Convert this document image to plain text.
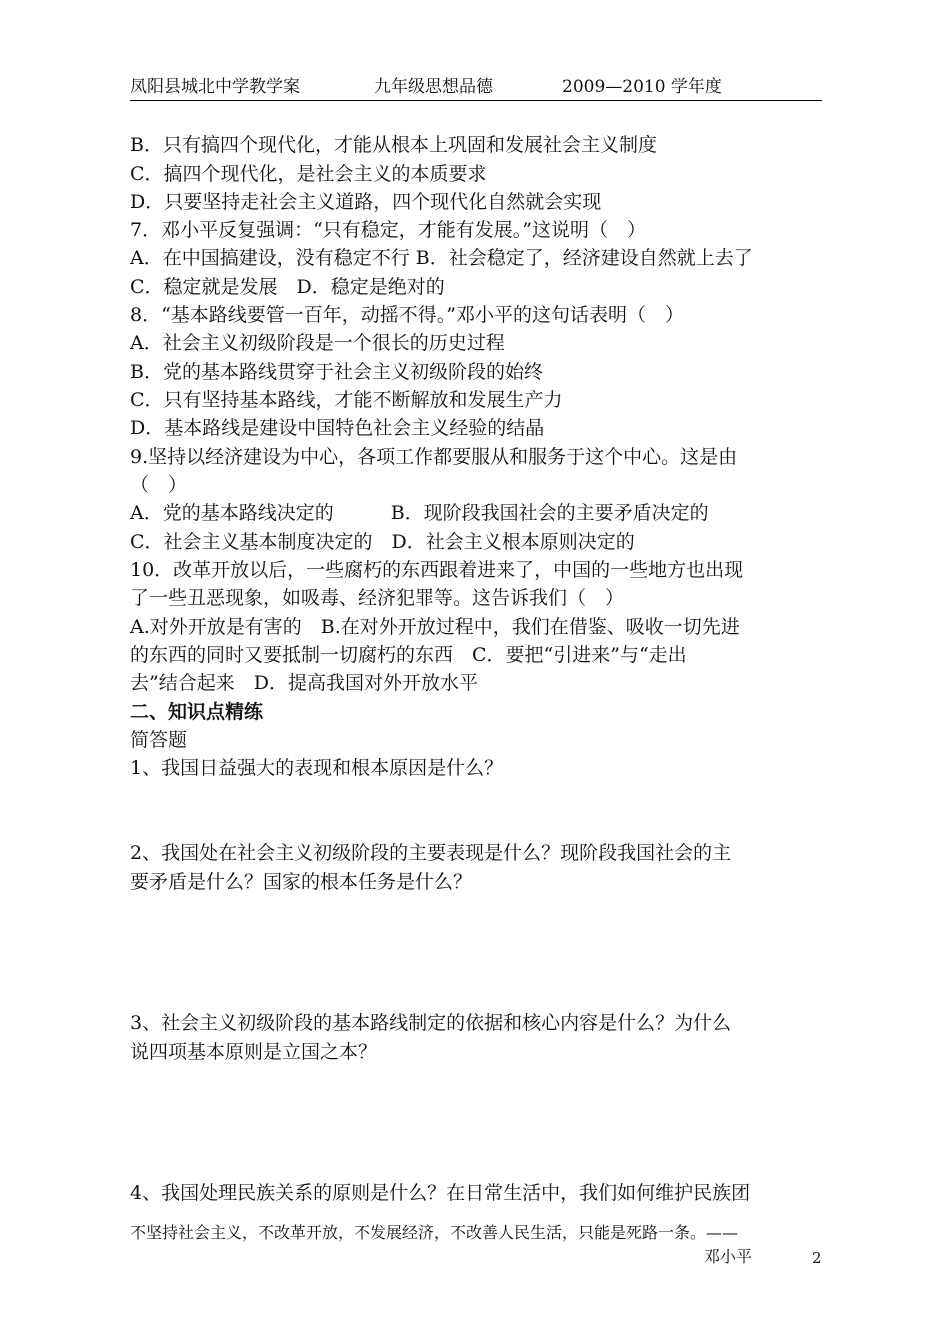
凤阳县城北中学教学案	九年级思想品德	2009—2010 学年度
B．只有搞四个现代化，才能从根本上巩固和发展社会主义制度
C．搞四个现代化，是社会主义的本质要求
D．只要坚持走社会主义道路，四个现代化自然就会实现
7．邓小平反复强调：“只有稳定，才能有发展。”这说明（　）
A．在中国搞建设，没有稳定不行 B．社会稳定了，经济建设自然就上去了
C．稳定就是发展　D．稳定是绝对的
8．“基本路线要管一百年，动摇不得。”邓小平的这句话表明（　）
A．社会主义初级阶段是一个很长的历史过程
B．党的基本路线贯穿于社会主义初级阶段的始终
C．只有坚持基本路线，才能不断解放和发展生产力
D．基本路线是建设中国特色社会主义经验的结晶
9.坚持以经济建设为中心，各项工作都要服从和服务于这个中心。这是由
（　）
A．党的基本路线决定的　　　B．现阶段我国社会的主要矛盾决定的
C．社会主义基本制度决定的　D．社会主义根本原则决定的
10．改革开放以后，一些腐朽的东西跟着进来了，中国的一些地方也出现
了一些丑恶现象，如吸毒、经济犯罪等。这告诉我们（　）
A.对外开放是有害的　B.在对外开放过程中，我们在借鉴、吸收一切先进
的东西的同时又要抵制一切腐朽的东西　C．要把“引进来”与“走出
去”结合起来　D．提高我国对外开放水平
二、知识点精练
简答题
1、我国日益强大的表现和根本原因是什么？
2、我国处在社会主义初级阶段的主要表现是什么？现阶段我国社会的主
要矛盾是什么？国家的根本任务是什么？
3、社会主义初级阶段的基本路线制定的依据和核心内容是什么？为什么
说四项基本原则是立国之本？
4、我国处理民族关系的原则是什么？在日常生活中，我们如何维护民族团
不坚持社会主义，不改革开放，不发展经济，不改善人民生活，只能是死路一条。——
邓小平	2
